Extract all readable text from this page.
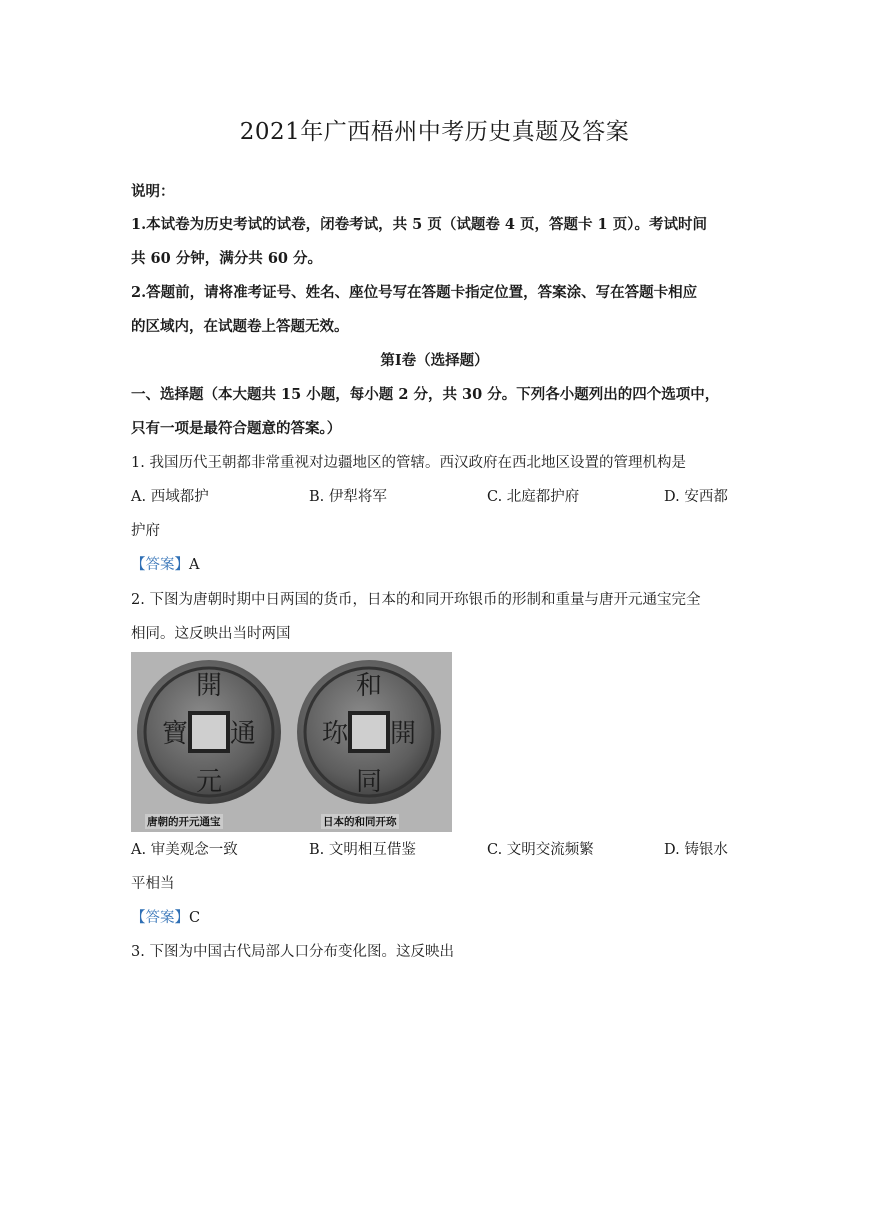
2021年广西梧州中考历史真题及答案
说明：
1.本试卷为历史考试的试卷，闭卷考试，共 5 页（试题卷 4 页，答题卡 1 页）。考试时间
共 60 分钟，满分共 60 分。
2.答题前，请将准考证号、姓名、座位号写在答题卡指定位置，答案涂、写在答题卡相应
的区域内，在试题卷上答题无效。
第Ⅰ卷（选择题）
一、选择题（本大题共 15 小题，每小题 2 分，共 30 分。下列各小题列出的四个选项中，
只有一项是最符合题意的答案。）
1. 我国历代王朝都非常重视对边疆地区的管辖。西汉政府在西北地区设置的管理机构是
A. 西域都护	B. 伊犁将军	C. 北庭都护府	D. 安西都
护府
【答案】A
2. 下图为唐朝时期中日两国的货币，日本的和同开珎银币的形制和重量与唐开元通宝完全
相同。这反映出当时两国
開
通
元
寶
和
開
同
珎
唐朝的开元通宝	日本的和同开珎
A. 审美观念一致	B. 文明相互借鉴	C. 文明交流频繁	D. 铸银水
平相当
【答案】C
3. 下图为中国古代局部人口分布变化图。这反映出
